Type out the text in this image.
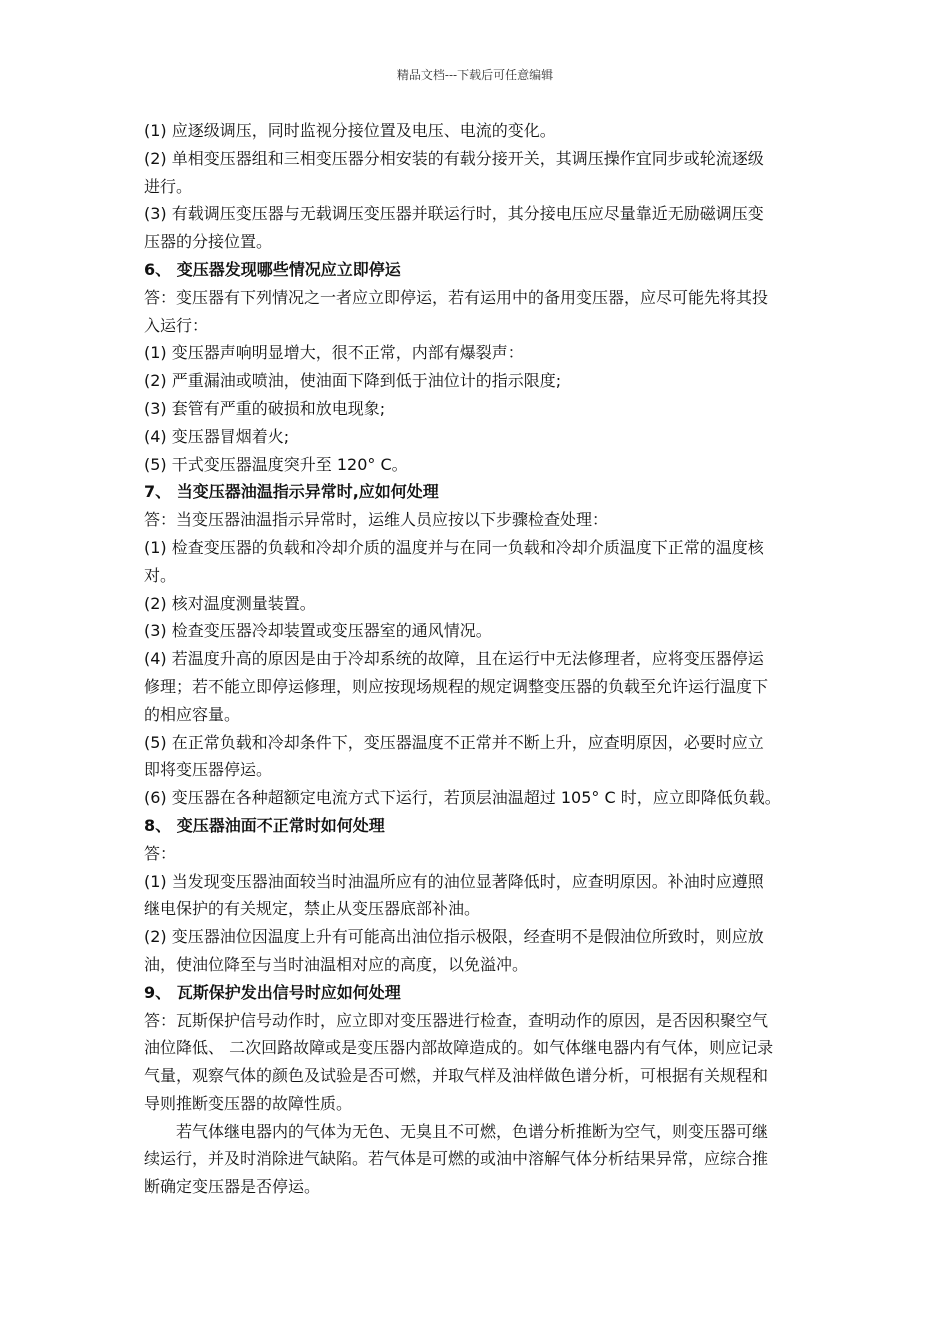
精品文档---下载后可任意编辑
(1) 应逐级调压，同时监视分接位置及电压、电流的变化。
(2) 单相变压器组和三相变压器分相安装的有载分接开关，其调压操作宜同步或轮流逐级
进行。
(3) 有载调压变压器与无载调压变压器并联运行时，其分接电压应尽量靠近无励磁调压变
压器的分接位置。
6、 变压器发现哪些情况应立即停运
答：变压器有下列情况之一者应立即停运，若有运用中的备用变压器，应尽可能先将其投
入运行：
(1) 变压器声响明显增大，很不正常，内部有爆裂声：
(2) 严重漏油或喷油，使油面下降到低于油位计的指示限度;
(3) 套管有严重的破损和放电现象;
(4) 变压器冒烟着火;
(5) 干式变压器温度突升至 120° C。
7、 当变压器油温指示异常时,应如何处理
答：当变压器油温指示异常时，运维人员应按以下步骤检查处理：
(1) 检查变压器的负载和冷却介质的温度并与在同一负载和冷却介质温度下正常的温度核
对。
(2) 核对温度测量装置。
(3) 检查变压器冷却装置或变压器室的通风情况。
(4) 若温度升高的原因是由于冷却系统的故障，且在运行中无法修理者，应将变压器停运
修理；若不能立即停运修理，则应按现场规程的规定调整变压器的负载至允许运行温度下
的相应容量。
(5) 在正常负载和冷却条件下，变压器温度不正常并不断上升，应查明原因，必要时应立
即将变压器停运。
(6) 变压器在各种超额定电流方式下运行，若顶层油温超过 105° C 时，应立即降低负载。
8、 变压器油面不正常时如何处理
答：
(1) 当发现变压器油面较当时油温所应有的油位显著降低时，应查明原因。补油时应遵照
继电保护的有关规定，禁止从变压器底部补油。
(2) 变压器油位因温度上升有可能高出油位指示极限，经查明不是假油位所致时，则应放
油，使油位降至与当时油温相对应的高度，以免溢冲。
9、 瓦斯保护发出信号时应如何处理
答：瓦斯保护信号动作时，应立即对变压器进行检查，查明动作的原因，是否因积聚空气
油位降低、 二次回路故障或是变压器内部故障造成的。如气体继电器内有气体，则应记录
气量，观察气体的颜色及试验是否可燃，并取气样及油样做色谱分析，可根据有关规程和
导则推断变压器的故障性质。
若气体继电器内的气体为无色、无臭且不可燃，色谱分析推断为空气，则变压器可继
续运行，并及时消除进气缺陷。若气体是可燃的或油中溶解气体分析结果异常，应综合推
断确定变压器是否停运。
